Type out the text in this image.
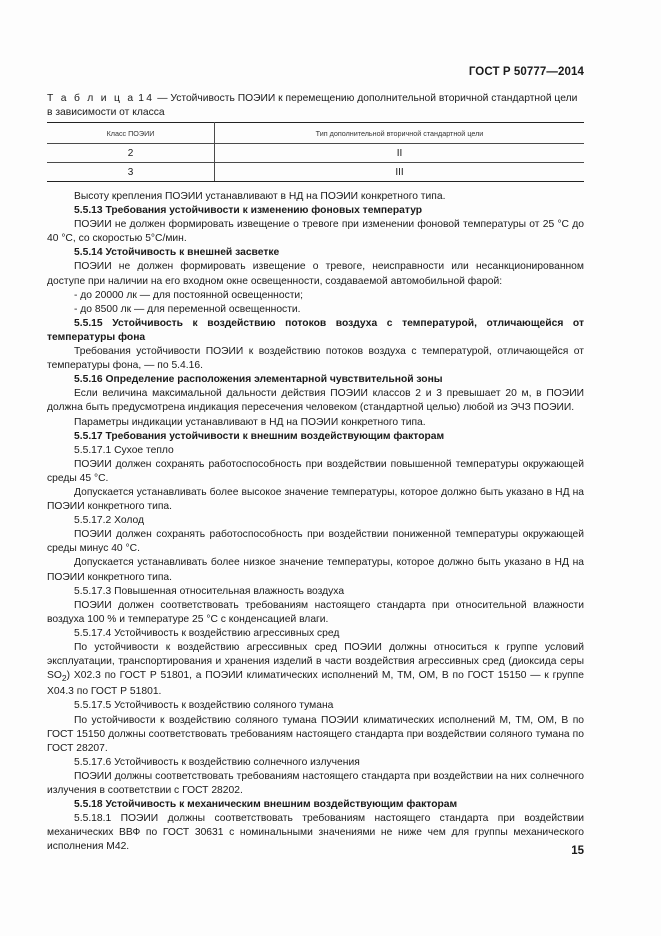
ГОСТ Р 50777—2014
Т а б л и ц а 14 — Устойчивость ПОЭИИ к перемещению дополнительной вторичной стандартной цели в зависимости от класса
Класс ПОЭИИ	Тип дополнительной вторичной стандартной цели
2	II
3	III

Высоту крепления ПОЭИИ устанавливают в НД на ПОЭИИ конкретного типа.

5.5.13 Требования устойчивости к изменению фоновых температур

ПОЭИИ не должен формировать извещение о тревоге при изменении фоновой температуры от 25 °С до 40 °С, со скоростью 5°С/мин.

5.5.14 Устойчивость к внешней засветке

ПОЭИИ не должен формировать извещение о тревоге, неисправности или несанкционированном доступе при наличии на его входном окне освещенности, создаваемой автомобильной фарой:

- до 20000 лк — для постоянной освещенности;

- до 8500 лк — для переменной освещенности.

5.5.15 Устойчивость к воздействию потоков воздуха с температурой, отличающейся от температуры фона

Требования устойчивости ПОЭИИ к воздействию потоков воздуха с температурой, отличающейся от температуры фона, — по 5.4.16.

5.5.16 Определение расположения элементарной чувствительной зоны

Если величина максимальной дальности действия ПОЭИИ классов 2 и 3 превышает 20 м, в ПОЭИИ должна быть предусмотрена индикация пересечения человеком (стандартной целью) любой из ЭЧЗ ПОЭИИ.

Параметры индикации устанавливают в НД на ПОЭИИ конкретного типа.

5.5.17 Требования устойчивости к внешним воздействующим факторам

5.5.17.1 Сухое тепло

ПОЭИИ должен сохранять работоспособность при воздействии повышенной температуры окружающей среды 45 °С.

Допускается устанавливать более высокое значение температуры, которое должно быть указано в НД на ПОЭИИ конкретного типа.

5.5.17.2 Холод

ПОЭИИ должен сохранять работоспособность при воздействии пониженной температуры окружающей среды минус 40 °С.

Допускается устанавливать более низкое значение температуры, которое должно быть указано в НД на ПОЭИИ конкретного типа.

5.5.17.3 Повышенная относительная влажность воздуха

ПОЭИИ должен соответствовать требованиям настоящего стандарта при относительной влажности воздуха 100 % и температуре 25 °С с конденсацией влаги.

5.5.17.4 Устойчивость к воздействию агрессивных сред

По устойчивости к воздействию агрессивных сред ПОЭИИ должны относиться к группе условий эксплуатации, транспортирования и хранения изделий в части воздействия агрессивных сред (диоксида серы $SO_2$) Х02.3 по ГОСТ Р 51801, а ПОЭИИ климатических исполнений М, ТМ, ОМ, В по ГОСТ 15150 — к группе Х04.3 по ГОСТ Р 51801.

5.5.17.5 Устойчивость к воздействию соляного тумана

По устойчивости к воздействию соляного тумана ПОЭИИ климатических исполнений М, ТМ, ОМ, В по ГОСТ 15150 должны соответствовать требованиям настоящего стандарта при воздействии соляного тумана по ГОСТ 28207.

5.5.17.6 Устойчивость к воздействию солнечного излучения

ПОЭИИ должны соответствовать требованиям настоящего стандарта при воздействии на них солнечного излучения в соответствии с ГОСТ 28202.

5.5.18 Устойчивость к механическим внешним воздействующим факторам

5.5.18.1 ПОЭИИ должны соответствовать требованиям настоящего стандарта при воздействии механических ВВФ по ГОСТ 30631 с номинальными значениями не ниже чем для группы механического исполнения М42.	15
